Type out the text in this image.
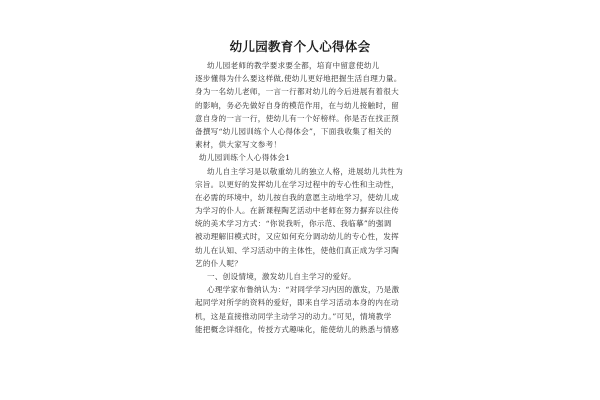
幼儿园教育个人心得体会
幼儿园老师的教学要求要全都，培育中留意使幼儿
逐步懂得为什么要这样做,使幼儿更好地把握生活自理力量。
身为一名幼儿老师，一言一行都对幼儿的今后进展有着很大
的影响，务必先做好自身的模范作用，在与幼儿接触时，留
意自身的一言一行，使幼儿有一个好榜样。你是否在找正预
备撰写“幼儿园训练个人心得体会”，下面我收集了相关的
素材，供大家写文参考！
幼儿园训练个人心得体会1
幼儿自主学习是以敬重幼儿的独立人格，进展幼儿共性为
宗旨。以更好的发挥幼儿在学习过程中的专心性和主动性，
在必需的环境中，幼儿按自我的意愿主动地学习，使幼儿成
为学习的仆人。在新课程陶艺活动中老师在努力摒弃以往传
统的美术学习方式：“你说我听，你示范、我临摹”的强调
被动理解旧模式时，又应如何充分调动幼儿的专心性，发挥
幼儿在认知、学习活动中的主体性，使他们真正成为学习陶
艺的仆人呢？
一、创设情境，激发幼儿自主学习的爱好。
心理学家布鲁纳认为：“对同学学习内因的激发，乃是激
起同学对所学的资料的爱好，即来自学习活动本身的内在动
机，这是直接推动同学主动学习的动力。”可见，情境教学
能把概念详细化，传授方式趣味化，能使幼儿的熟悉与情感
